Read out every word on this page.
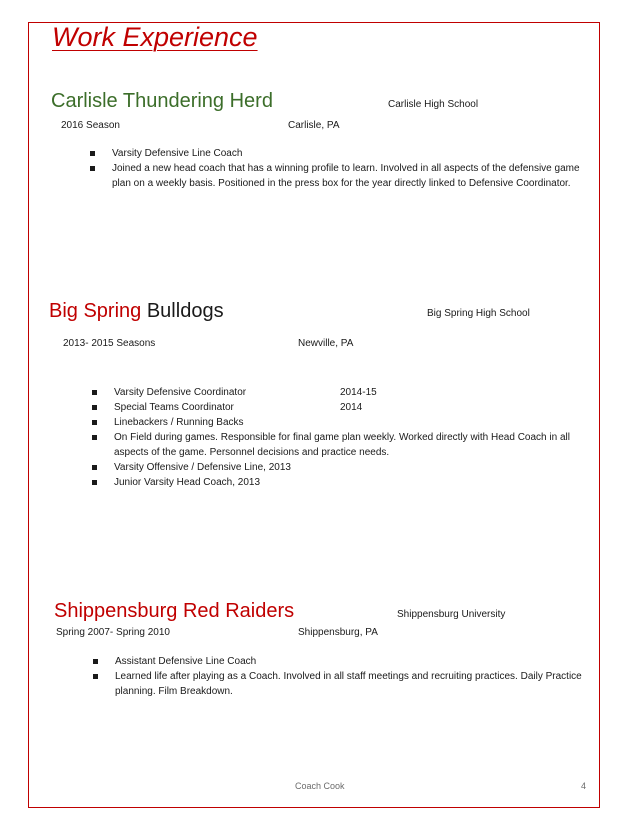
Work Experience
Carlisle Thundering Herd	Carlisle High School
2016 Season	Carlisle, PA
Varsity Defensive Line Coach
Joined a new head coach that has a winning profile to learn. Involved in all aspects of the defensive game plan on a weekly basis. Positioned in the press box for the year directly linked to Defensive Coordinator.
Big Spring Bulldogs	Big Spring High School
2013- 2015 Seasons	Newville, PA
Varsity Defensive Coordinator	2014-15
Special Teams Coordinator	2014
Linebackers / Running Backs
On Field during games. Responsible for final game plan weekly. Worked directly with Head Coach in all aspects of the game. Personnel decisions and practice needs.
Varsity Offensive / Defensive Line, 2013
Junior Varsity Head Coach, 2013
Shippensburg Red Raiders	Shippensburg University
Spring 2007- Spring 2010	Shippensburg, PA
Assistant Defensive Line Coach
Learned life after playing as a Coach. Involved in all staff meetings and recruiting practices. Daily Practice planning. Film Breakdown.
Coach Cook	4
